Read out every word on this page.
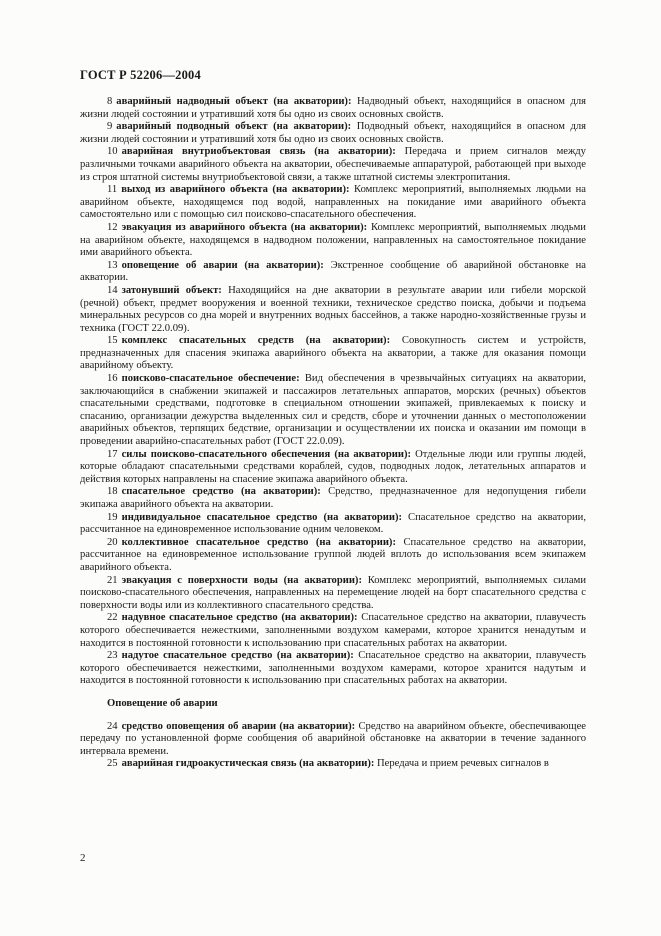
ГОСТ Р 52206—2004

8 аварийный надводный объект (на акватории): Надводный объект, находящийся в опасном для жизни людей состоянии и утративший хотя бы одно из своих основных свойств.

9 аварийный подводный объект (на акватории): Подводный объект, находящийся в опасном для жизни людей состоянии и утративший хотя бы одно из своих основных свойств.

10 аварийная внутриобъектовая связь (на акватории): Передача и прием сигналов между различными точками аварийного объекта на акватории, обеспечиваемые аппаратурой, работающей при выходе из строя штатной системы внутриобъектовой связи, а также штатной системы электропитания.

11 выход из аварийного объекта (на акватории): Комплекс мероприятий, выполняемых людьми на аварийном объекте, находящемся под водой, направленных на покидание ими аварийного объекта самостоятельно или с помощью сил поисково-спасательного обеспечения.

12 эвакуация из аварийного объекта (на акватории): Комплекс мероприятий, выполняемых людьми на аварийном объекте, находящемся в надводном положении, направленных на самостоятельное покидание ими аварийного объекта.

13 оповещение об аварии (на акватории): Экстренное сообщение об аварийной обстановке на акватории.

14 затонувший объект: Находящийся на дне акватории в результате аварии или гибели морской (речной) объект, предмет вооружения и военной техники, техническое средство поиска, добычи и подъема минеральных ресурсов со дна морей и внутренних водных бассейнов, а также народно-хозяйственные грузы и техника (ГОСТ 22.0.09).

15 комплекс спасательных средств (на акватории): Совокупность систем и устройств, предназначенных для спасения экипажа аварийного объекта на акватории, а также для оказания помощи аварийному объекту.

16 поисково-спасательное обеспечение: Вид обеспечения в чрезвычайных ситуациях на акватории, заключающийся в снабжении экипажей и пассажиров летательных аппаратов, морских (речных) объектов спасательными средствами, подготовке в специальном отношении экипажей, привлекаемых к поиску и спасанию, организации дежурства выделенных сил и средств, сборе и уточнении данных о местоположении аварийных объектов, терпящих бедствие, организации и осуществлении их поиска и оказании им помощи в проведении аварийно-спасательных работ (ГОСТ 22.0.09).

17 силы поисково-спасательного обеспечения (на акватории): Отдельные люди или группы людей, которые обладают спасательными средствами кораблей, судов, подводных лодок, летательных аппаратов и действия которых направлены на спасение экипажа аварийного объекта.

18 спасательное средство (на акватории): Средство, предназначенное для недопущения гибели экипажа аварийного объекта на акватории.

19 индивидуальное спасательное средство (на акватории): Спасательное средство на акватории, рассчитанное на единовременное использование одним человеком.

20 коллективное спасательное средство (на акватории): Спасательное средство на акватории, рассчитанное на единовременное использование группой людей вплоть до использования всем экипажем аварийного объекта.

21 эвакуация с поверхности воды (на акватории): Комплекс мероприятий, выполняемых силами поисково-спасательного обеспечения, направленных на перемещение людей на борт спасательного средства с поверхности воды или из коллективного спасательного средства.

22 надувное спасательное средство (на акватории): Спасательное средство на акватории, плавучесть которого обеспечивается нежесткими, заполненными воздухом камерами, которое хранится ненадутым и находится в постоянной готовности к использованию при спасательных работах на акватории.

23 надутое спасательное средство (на акватории): Спасательное средство на акватории, плавучесть которого обеспечивается нежесткими, заполненными воздухом камерами, которое хранится надутым и находится в постоянной готовности к использованию при спасательных работах на акватории.

Оповещение об аварии

24 средство оповещения об аварии (на акватории): Средство на аварийном объекте, обеспечивающее передачу по установленной форме сообщения об аварийной обстановке на акватории в течение заданного интервала времени.

25 аварийная гидроакустическая связь (на акватории): Передача и прием речевых сигналов в

2
